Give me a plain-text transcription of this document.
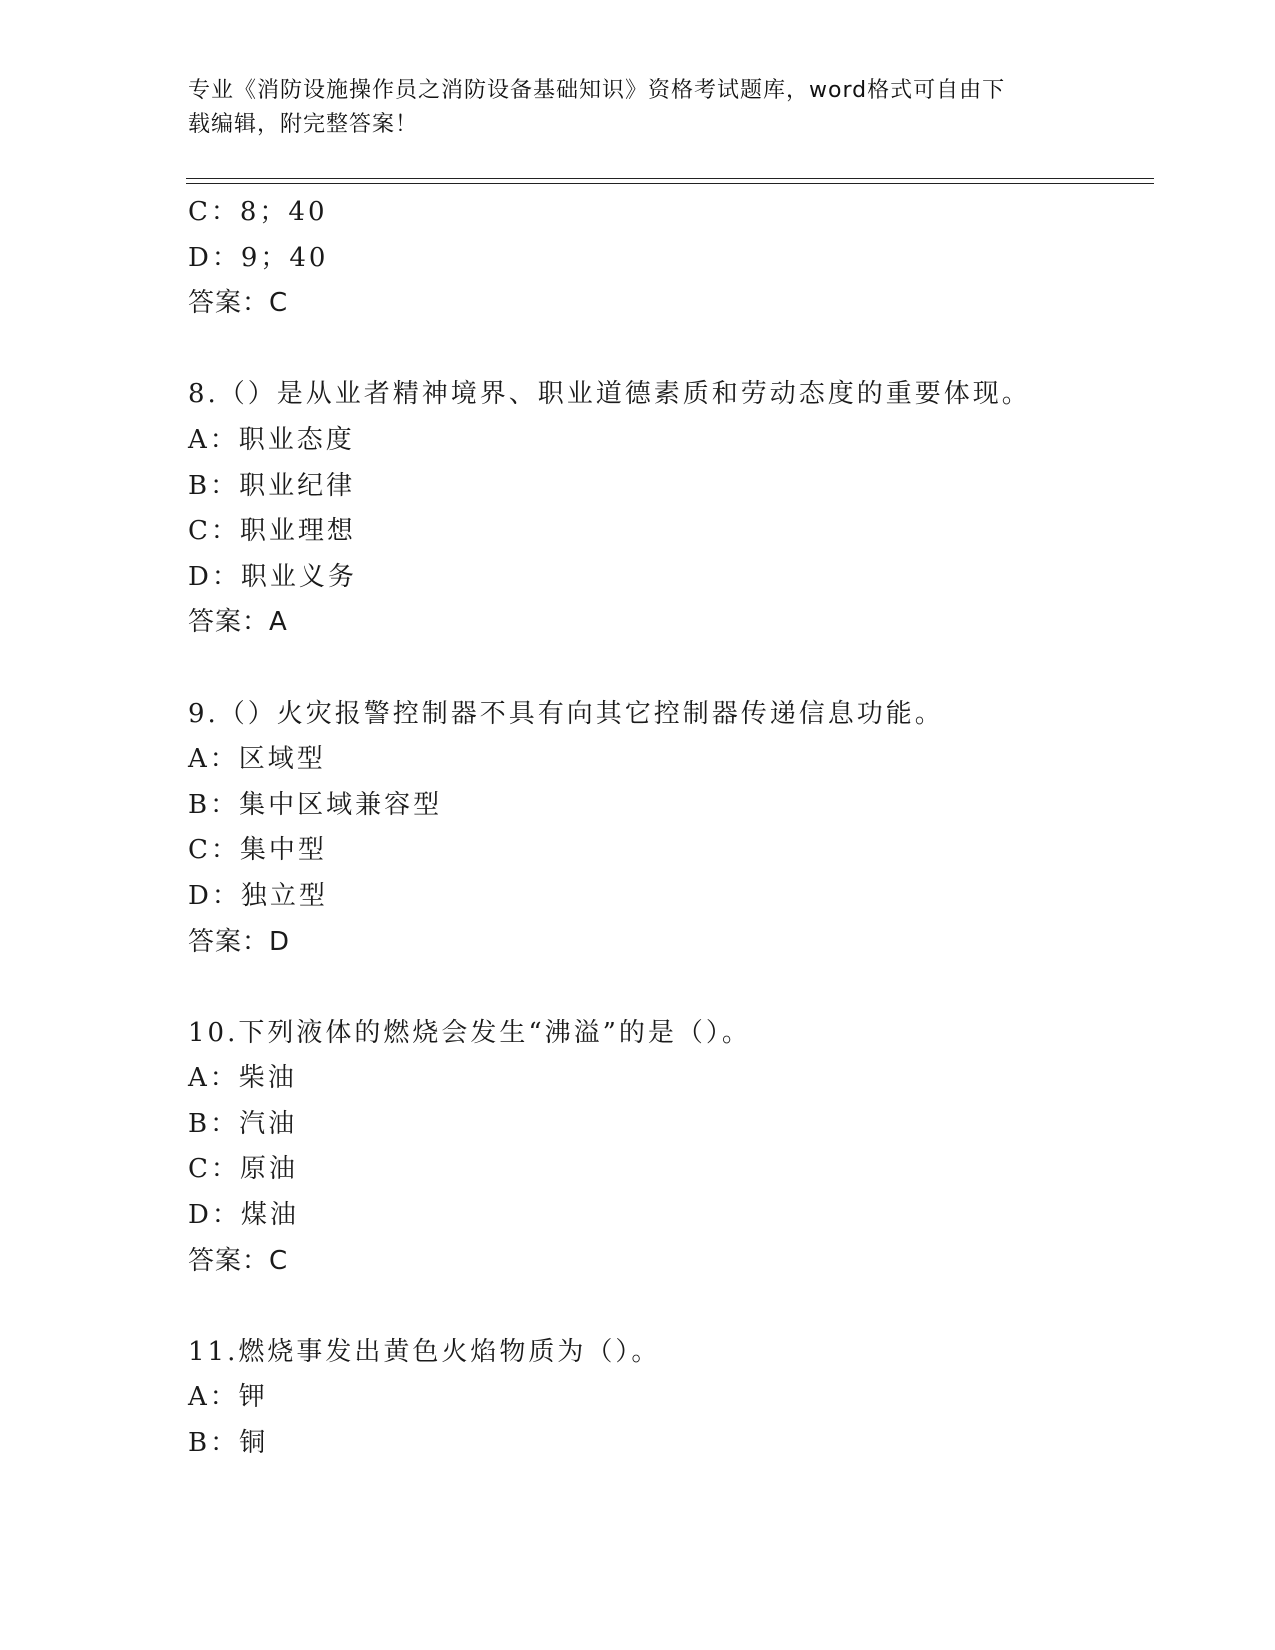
专业《消防设施操作员之消防设备基础知识》资格考试题库，word格式可自由下
载编辑，附完整答案！
C：8；40
D：9；40
答案：C
8.（）是从业者精神境界、职业道德素质和劳动态度的重要体现。
A：职业态度
B：职业纪律
C：职业理想
D：职业义务
答案：A
9.（）火灾报警控制器不具有向其它控制器传递信息功能。
A：区域型
B：集中区域兼容型
C：集中型
D：独立型
答案：D
10.下列液体的燃烧会发生“沸溢”的是（）。
A：柴油
B：汽油
C：原油
D：煤油
答案：C
11.燃烧事发出黄色火焰物质为（）。
A：钾
B：铜
